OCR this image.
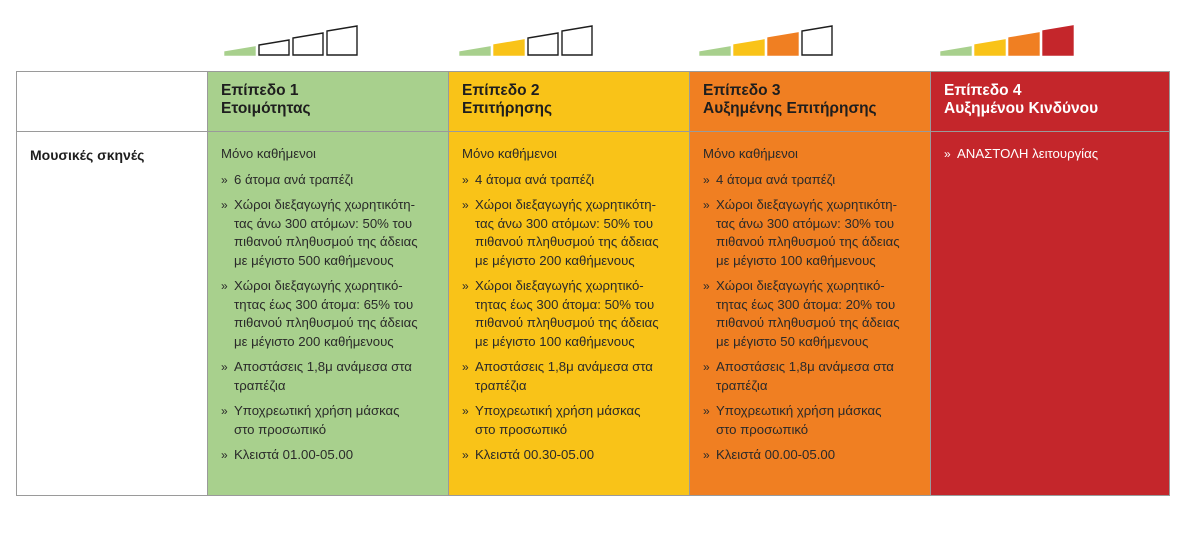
Μουσικές σκηνές
Επίπεδο 1
Ετοιμότητας
Μόνο καθήμενοι
» 6 άτομα ανά τραπέζι
» Χώροι διεξαγωγής χωρητικότη-
τας άνω 300 ατόμων: 50% του
πιθανού πληθυσμού της άδειας
με μέγιστο 500 καθήμενους
» Χώροι διεξαγωγής χωρητικό-
τητας έως 300 άτομα: 65% του
πιθανού πληθυσμού της άδειας
με μέγιστο 200 καθήμενους
» Αποστάσεις 1,8μ ανάμεσα στα
τραπέζια
» Υποχρεωτική χρήση μάσκας
στο προσωπικό
» Κλειστά 01.00-05.00
Επίπεδο 2
Επιτήρησης
Μόνο καθήμενοι
» 4 άτομα ανά τραπέζι
» Χώροι διεξαγωγής χωρητικότη-
τας άνω 300 ατόμων: 50% του
πιθανού πληθυσμού της άδειας
με μέγιστο 200 καθήμενους
» Χώροι διεξαγωγής χωρητικό-
τητας έως 300 άτομα: 50% του
πιθανού πληθυσμού της άδειας
με μέγιστο 100 καθήμενους
» Αποστάσεις 1,8μ ανάμεσα στα
τραπέζια
» Υποχρεωτική χρήση μάσκας
στο προσωπικό
» Κλειστά 00.30-05.00
Επίπεδο 3
Αυξημένης Επιτήρησης
Μόνο καθήμενοι
» 4 άτομα ανά τραπέζι
» Χώροι διεξαγωγής χωρητικότη-
τας άνω 300 ατόμων: 30% του
πιθανού πληθυσμού της άδειας
με μέγιστο 100 καθήμενους
» Χώροι διεξαγωγής χωρητικό-
τητας έως 300 άτομα: 20% του
πιθανού πληθυσμού της άδειας
με μέγιστο 50 καθήμενους
» Αποστάσεις 1,8μ ανάμεσα στα
τραπέζια
» Υποχρεωτική χρήση μάσκας
στο προσωπικό
» Κλειστά 00.00-05.00
Επίπεδο 4
Αυξημένου Κινδύνου
» ΑΝΑΣΤΟΛΗ λειτουργίας
